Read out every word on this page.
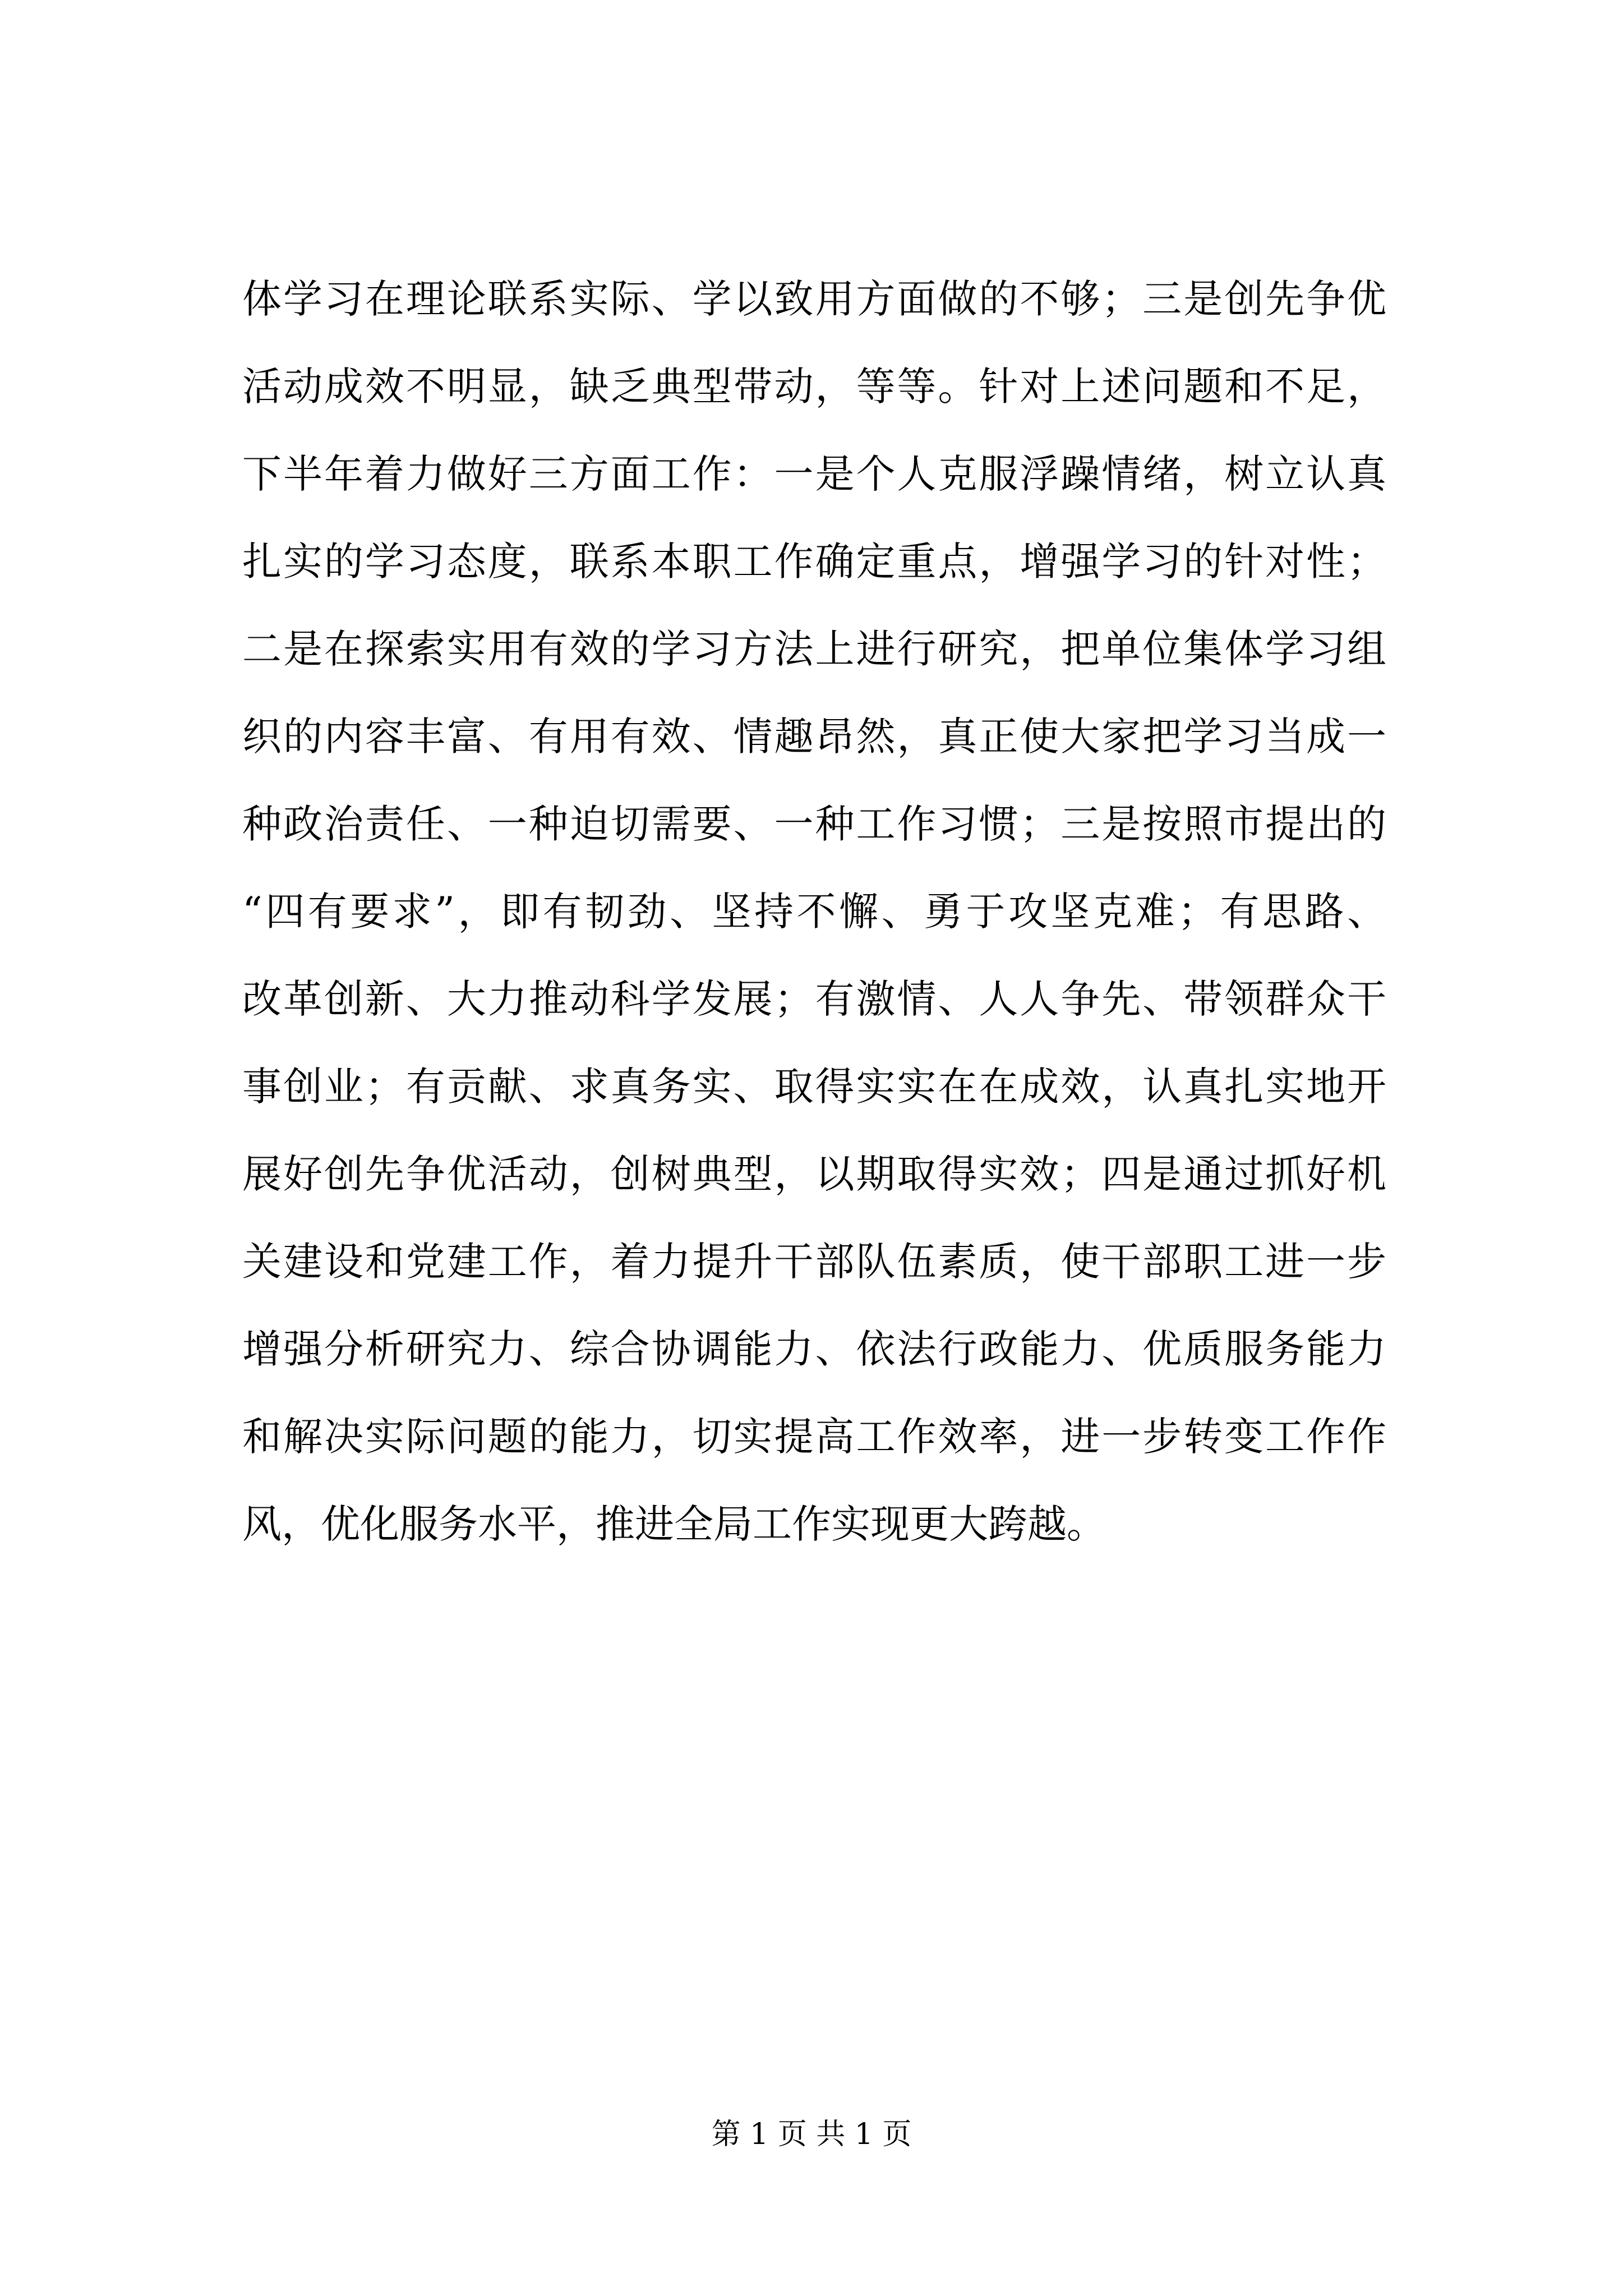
体学习在理论联系实际、学以致用方面做的不够；三是创先争优
活动成效不明显，缺乏典型带动，等等。针对上述问题和不足，
下半年着力做好三方面工作：一是个人克服浮躁情绪，树立认真
扎实的学习态度，联系本职工作确定重点，增强学习的针对性；
二是在探索实用有效的学习方法上进行研究，把单位集体学习组
织的内容丰富、有用有效、情趣昂然，真正使大家把学习当成一
种政治责任、一种迫切需要、一种工作习惯；三是按照市提出的
“四有要求”，即有韧劲、坚持不懈、勇于攻坚克难；有思路、
改革创新、大力推动科学发展；有激情、人人争先、带领群众干
事创业；有贡献、求真务实、取得实实在在成效，认真扎实地开
展好创先争优活动，创树典型，以期取得实效；四是通过抓好机
关建设和党建工作，着力提升干部队伍素质，使干部职工进一步
增强分析研究力、综合协调能力、依法行政能力、优质服务能力
和解决实际问题的能力，切实提高工作效率，进一步转变工作作
风，优化服务水平，推进全局工作实现更大跨越。
第 1 页 共 1 页
